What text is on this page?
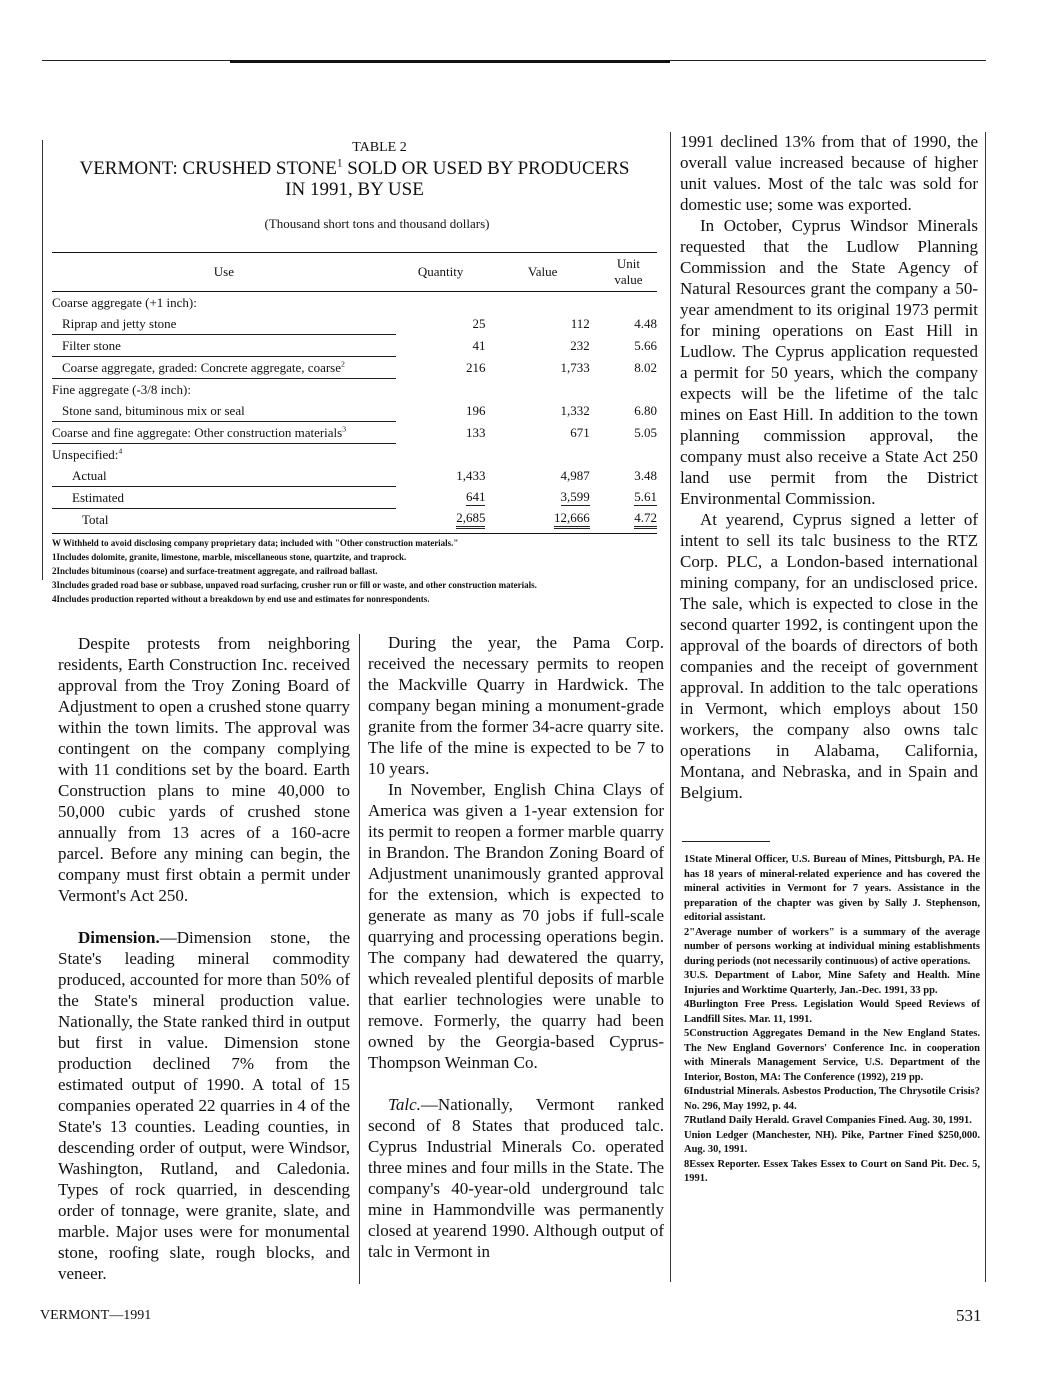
TABLE 2
VERMONT: CRUSHED STONE$^1$ SOLD OR USED BY PRODUCERS
IN 1991, BY USE
(Thousand short tons and thousand dollars)
Use	Quantity	Value	Unit
value
Coarse aggregate (+1 inch):			
Riprap and jetty stone	25	112	4.48
Filter stone	41	232	5.66
Coarse aggregate, graded: Concrete aggregate, coarse$^2$	216	1,733	8.02
Fine aggregate (-3/8 inch):			
Stone sand, bituminous mix or seal	196	1,332	6.80
Coarse and fine aggregate: Other construction materials$^3$	133	671	5.05
Unspecified:$^4$			
Actual	1,433	4,987	3.48
Estimated	641	3,599	5.61
Total	2,685	12,666	4.72
W Withheld to avoid disclosing company proprietary data; included with "Other construction materials."
1Includes dolomite, granite, limestone, marble, miscellaneous stone, quartzite, and traprock.
2Includes bituminous (coarse) and surface-treatment aggregate, and railroad ballast.
3Includes graded road base or subbase, unpaved road surfacing, crusher run or fill or waste, and other construction materials.
4Includes production reported without a breakdown by end use and estimates for nonrespondents.

Despite protests from neighboring residents, Earth Construction Inc. received approval from the Troy Zoning Board of Adjustment to open a crushed stone quarry within the town limits. The approval was contingent on the company complying with 11 conditions set by the board. Earth Construction plans to mine 40,000 to 50,000 cubic yards of crushed stone annually from 13 acres of a 160-acre parcel. Before any mining can begin, the company must first obtain a permit under Vermont's Act 250.

Dimension.—Dimension stone, the State's leading mineral commodity produced, accounted for more than 50% of the State's mineral production value. Nationally, the State ranked third in output but first in value. Dimension stone production declined 7% from the estimated output of 1990. A total of 15 companies operated 22 quarries in 4 of the State's 13 counties. Leading counties, in descending order of output, were Windsor, Washington, Rutland, and Caledonia. Types of rock quarried, in descending order of tonnage, were granite, slate, and marble. Major uses were for monumental stone, roofing slate, rough blocks, and veneer.

During the year, the Pama Corp. received the necessary permits to reopen the Mackville Quarry in Hardwick. The company began mining a monument-grade granite from the former 34-acre quarry site. The life of the mine is expected to be 7 to 10 years.

In November, English China Clays of America was given a 1-year extension for its permit to reopen a former marble quarry in Brandon. The Brandon Zoning Board of Adjustment unanimously granted approval for the extension, which is expected to generate as many as 70 jobs if full-scale quarrying and processing operations begin. The company had dewatered the quarry, which revealed plentiful deposits of marble that earlier technologies were unable to remove. Formerly, the quarry had been owned by the Georgia-based Cyprus-Thompson Weinman Co.

Talc.—Nationally, Vermont ranked second of 8 States that produced talc. Cyprus Industrial Minerals Co. operated three mines and four mills in the State. The company's 40-year-old underground talc mine in Hammondville was permanently closed at yearend 1990. Although output of talc in Vermont in

1991 declined 13% from that of 1990, the overall value increased because of higher unit values. Most of the talc was sold for domestic use; some was exported.

In October, Cyprus Windsor Minerals requested that the Ludlow Planning Commission and the State Agency of Natural Resources grant the company a 50-year amendment to its original 1973 permit for mining operations on East Hill in Ludlow. The Cyprus application requested a permit for 50 years, which the company expects will be the lifetime of the talc mines on East Hill. In addition to the town planning commission approval, the company must also receive a State Act 250 land use permit from the District Environmental Commission.

At yearend, Cyprus signed a letter of intent to sell its talc business to the RTZ Corp. PLC, a London-based international mining company, for an undisclosed price. The sale, which is expected to close in the second quarter 1992, is contingent upon the approval of the boards of directors of both companies and the receipt of government approval. In addition to the talc operations in Vermont, which employs about 150 workers, the company also owns talc operations in Alabama, California, Montana, and Nebraska, and in Spain and Belgium.

1State Mineral Officer, U.S. Bureau of Mines, Pittsburgh, PA. He has 18 years of mineral-related experience and has covered the mineral activities in Vermont for 7 years. Assistance in the preparation of the chapter was given by Sally J. Stephenson, editorial assistant.
2"Average number of workers" is a summary of the average number of persons working at individual mining establishments during periods (not necessarily continuous) of active operations.
3U.S. Department of Labor, Mine Safety and Health. Mine Injuries and Worktime Quarterly, Jan.-Dec. 1991, 33 pp.
4Burlington Free Press. Legislation Would Speed Reviews of Landfill Sites. Mar. 11, 1991.
5Construction Aggregates Demand in the New England States. The New England Governors' Conference Inc. in cooperation with Minerals Management Service, U.S. Department of the Interior, Boston, MA: The Conference (1992), 219 pp.
6Industrial Minerals. Asbestos Production, The Chrysotile Crisis? No. 296, May 1992, p. 44.
7Rutland Daily Herald. Gravel Companies Fined. Aug. 30, 1991.
Union Ledger (Manchester, NH). Pike, Partner Fined $250,000. Aug. 30, 1991.
8Essex Reporter. Essex Takes Essex to Court on Sand Pit. Dec. 5, 1991.
VERMONT—1991	531
